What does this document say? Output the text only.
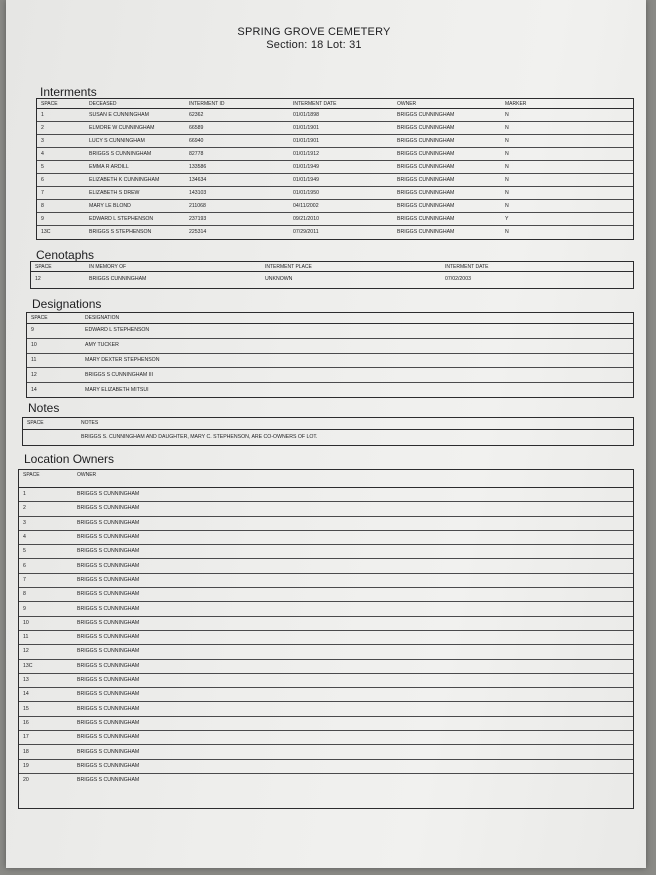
SPRING GROVE CEMETERY
Section: 18 Lot: 31
Interments
SPACE	DECEASED	INTERMENT ID	INTERMENT DATE	OWNER	MARKER
1	SUSAN E CUNNINGHAM	62362	01/01/1898	BRIGGS CUNNINGHAM	N
2	ELMORE W CUNNINGHAM	66589	01/01/1901	BRIGGS CUNNINGHAM	N
3	LUCY S CUNNINGHAM	66940	01/01/1901	BRIGGS CUNNINGHAM	N
4	BRIGGS S CUNNINGHAM	82778	01/01/1912	BRIGGS CUNNINGHAM	N
5	EMMA R ARDILL	133586	01/01/1949	BRIGGS CUNNINGHAM	N
6	ELIZABETH K CUNNINGHAM	134634	01/01/1949	BRIGGS CUNNINGHAM	N
7	ELIZABETH S DREW	143103	01/01/1950	BRIGGS CUNNINGHAM	N
8	MARY LE BLOND	211068	04/11/2002	BRIGGS CUNNINGHAM	N
9	EDWARD L STEPHENSON	237193	09/21/2010	BRIGGS CUNNINGHAM	Y
13C	BRIGGS S STEPHENSON	225314	07/29/2011	BRIGGS CUNNINGHAM	N
Cenotaphs
SPACE	IN MEMORY OF	INTERMENT PLACE	INTERMENT DATE
12	BRIGGS CUNNINGHAM	UNKNOWN	07/02/2003
Designations
SPACE	DESIGNATION
9	EDWARD L STEPHENSON
10	AMY TUCKER
11	MARY DEXTER STEPHENSON
12	BRIGGS S CUNNINGHAM III
14	MARY ELIZABETH MITSUI
Notes
SPACE	NOTES
BRIGGS S. CUNNINGHAM AND DAUGHTER, MARY C. STEPHENSON, ARE CO-OWNERS OF LOT.
Location Owners
SPACE	OWNER
1	BRIGGS S CUNNINGHAM
2	BRIGGS S CUNNINGHAM
3	BRIGGS S CUNNINGHAM
4	BRIGGS S CUNNINGHAM
5	BRIGGS S CUNNINGHAM
6	BRIGGS S CUNNINGHAM
7	BRIGGS S CUNNINGHAM
8	BRIGGS S CUNNINGHAM
9	BRIGGS S CUNNINGHAM
10	BRIGGS S CUNNINGHAM
11	BRIGGS S CUNNINGHAM
12	BRIGGS S CUNNINGHAM
13C	BRIGGS S CUNNINGHAM
13	BRIGGS S CUNNINGHAM
14	BRIGGS S CUNNINGHAM
15	BRIGGS S CUNNINGHAM
16	BRIGGS S CUNNINGHAM
17	BRIGGS S CUNNINGHAM
18	BRIGGS S CUNNINGHAM
19	BRIGGS S CUNNINGHAM
20	BRIGGS S CUNNINGHAM
